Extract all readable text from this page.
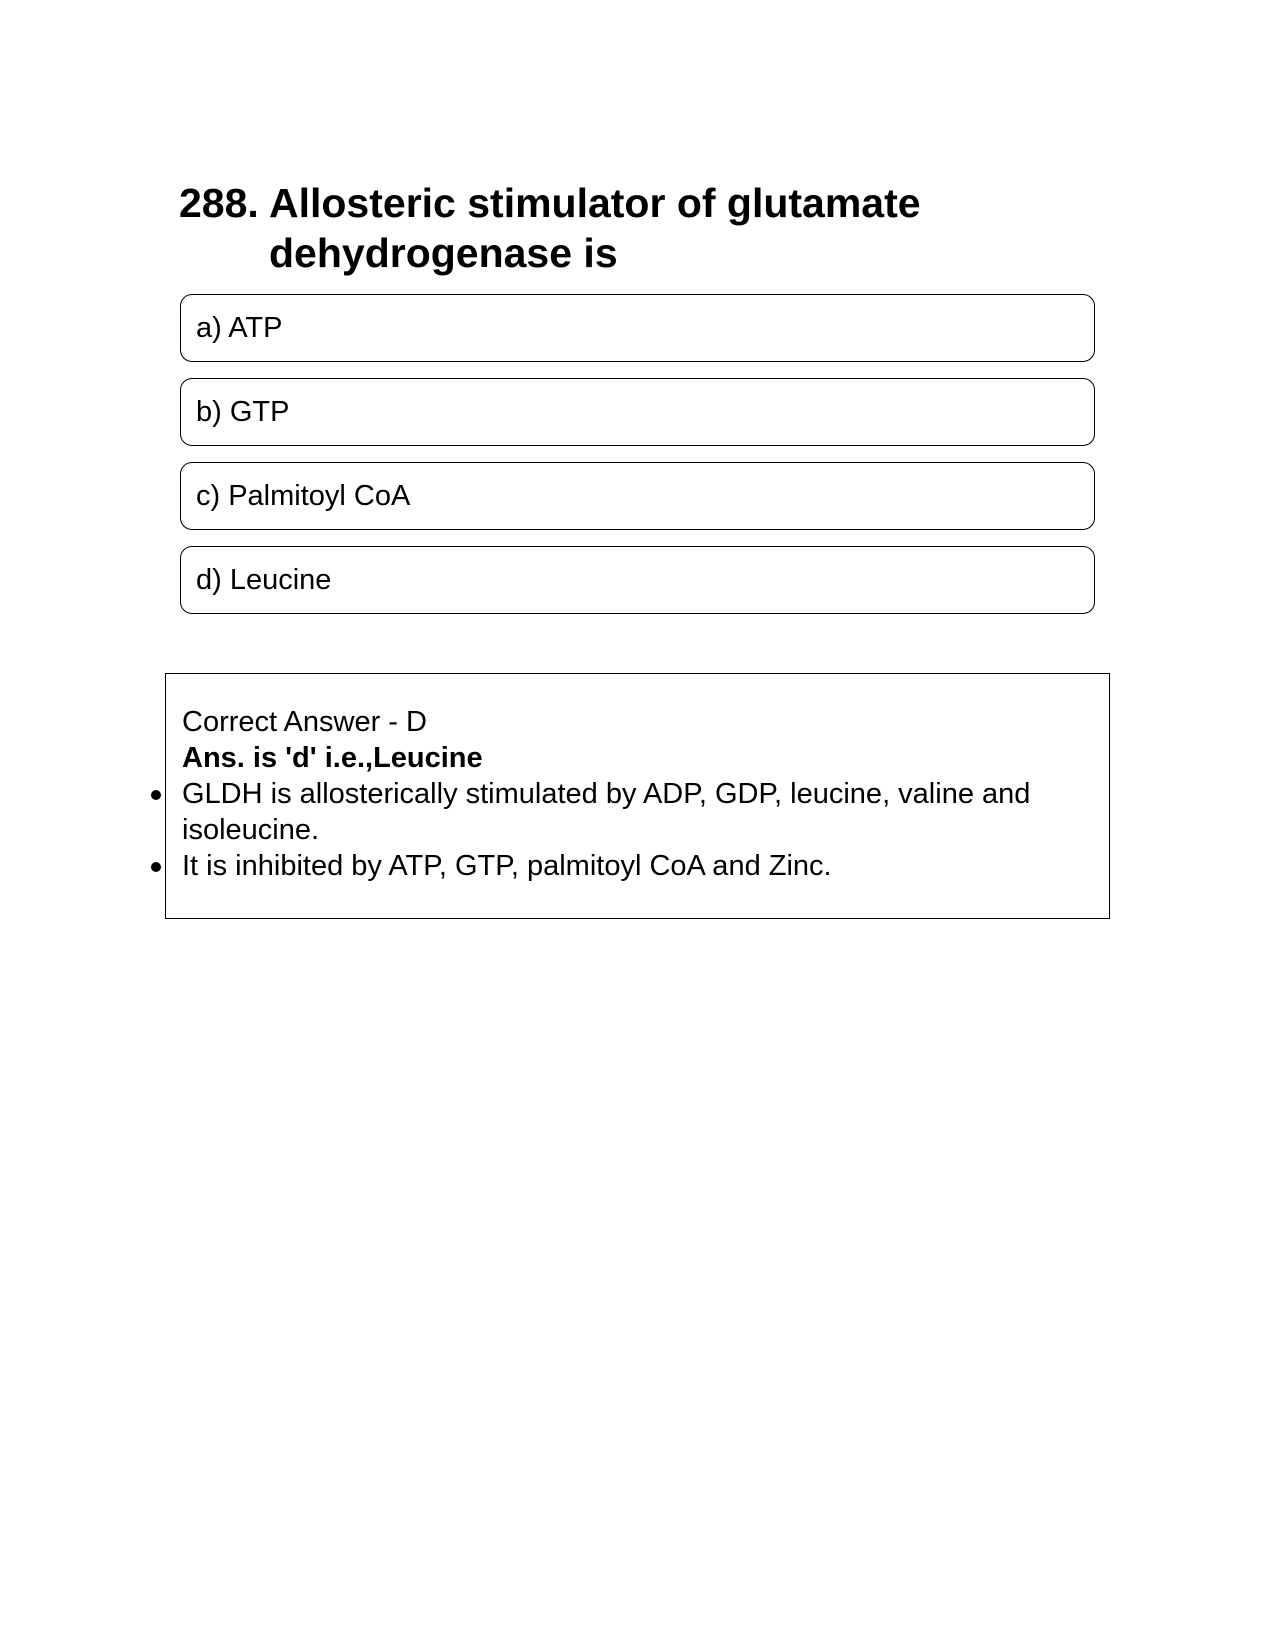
288. Allosteric stimulator of glutamate dehydrogenase is
a) ATP
b) GTP
c) Palmitoyl CoA
d) Leucine
Correct Answer - D
Ans. is 'd' i.e.,Leucine
GLDH is allosterically stimulated by ADP, GDP, leucine, valine and isoleucine.
It is inhibited by ATP, GTP, palmitoyl CoA and Zinc.
